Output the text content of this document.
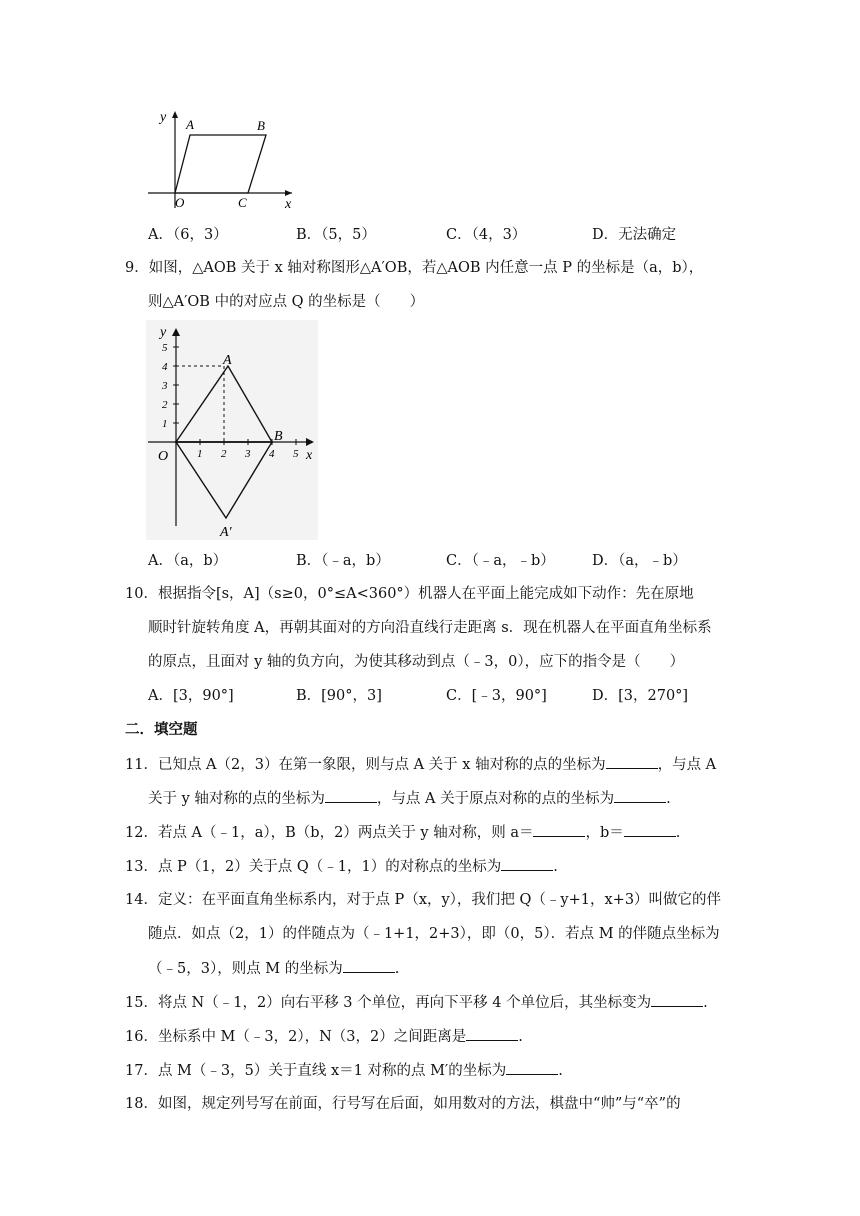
y
x
A	B
O	C
A．（6，3）	B．（5，5）	C．（4，3）	D．无法确定
9．如图，△AOB 关于 x 轴对称图形△A′OB，若△AOB 内任意一点 P 的坐标是（a，b），
则△A′OB 中的对应点 Q 的坐标是（　　）
y
x
O
A
B
A′
1
2
3
4
5
1 2 3 4 5
A．（a，b）	B．（﹣a，b）	C．（﹣a，﹣b）	D．（a，﹣b）
10．根据指令[s，A]（s≥0，0°≤A<360°）机器人在平面上能完成如下动作：先在原地
顺时针旋转角度 A，再朝其面对的方向沿直线行走距离 s．现在机器人在平面直角坐标系
的原点，且面对 y 轴的负方向，为使其移动到点（﹣3，0），应下的指令是（　　）
A．[3，90°]	B．[90°，3]	C．[﹣3，90°]	D．[3，270°]
二．填空题
11．已知点 A（2，3）在第一象限，则与点 A 关于 x 轴对称的点的坐标为	，与点 A
关于 y 轴对称的点的坐标为	，与点 A 关于原点对称的点的坐标为	.
12．若点 A（﹣1，a），B（b，2）两点关于 y 轴对称，则 a＝	，b＝	.
13．点 P（1，2）关于点 Q（﹣1，1）的对称点的坐标为	.
14．定义：在平面直角坐标系内，对于点 P（x，y），我们把 Q（﹣y+1，x+3）叫做它的伴
随点．如点（2，1）的伴随点为（﹣1+1，2+3），即（0，5）．若点 M 的伴随点坐标为
（﹣5，3），则点 M 的坐标为	.
15．将点 N（﹣1，2）向右平移 3 个单位，再向下平移 4 个单位后，其坐标变为	.
16．坐标系中 M（﹣3，2），N（3，2）之间距离是	.
17．点 M（﹣3，5）关于直线 x＝1 对称的点 M′的坐标为	.
18．如图，规定列号写在前面，行号写在后面，如用数对的方法，棋盘中“帅”与“卒”的
